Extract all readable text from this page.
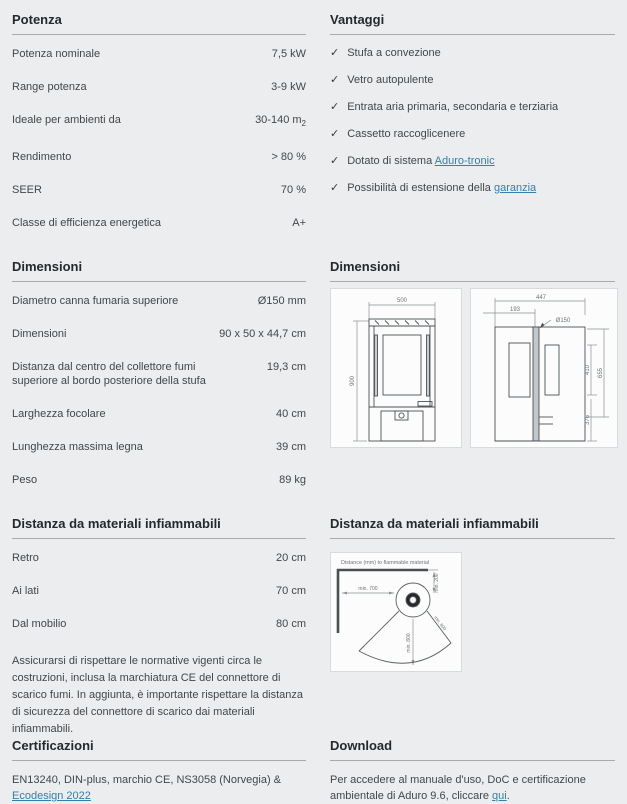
Potenza
Potenza nominale	7,5 kW
Range potenza	3-9 kW
Ideale per ambienti da	30-140 $m_2$
Rendimento	> 80 %
SEER	70 %
Classe di efficienza energetica	A+
Vantaggi
✓ Stufa a convezione
✓ Vetro autopulente
✓ Entrata aria primaria, secondaria e terziaria
✓ Cassetto raccoglicenere
✓ Dotato di sistema Aduro-tronic
✓ Possibilità di estensione della garanzia
Dimensioni
Diametro canna fumaria superiore	Ø150 mm
Dimensioni	90 x 50 x 44,7 cm
Distanza dal centro del collettore fumi superiore al bordo posteriore della stufa
19,3 cm
Larghezza focolare	40 cm
Lunghezza massima legna	39 cm
Peso	89 kg
Dimensioni
500
900
447
193
Ø150
410 655
376
Distanza da materiali infiammabili
Retro	20 cm
Ai lati	70 cm
Dal mobilio	80 cm

Assicurarsi di rispettare le normative vigenti circa le costruzioni, inclusa la marchiatura CE del connettore di scarico fumi. In aggiunta, è importante rispettare la distanza di sicurezza del connettore di scarico dai materiali infiammabili.

Distanza da materiali infiammabili
Distance (mm) to flammable material
min. 700	min. 200
min. 800
min. 800
Certificazioni

EN13240, DIN-plus, marchio CE, NS3058 (Norvegia) & Ecodesign 2022

Download

Per accedere al manuale d'uso, DoC e certificazione ambientale di Aduro 9.6, cliccare qui.
